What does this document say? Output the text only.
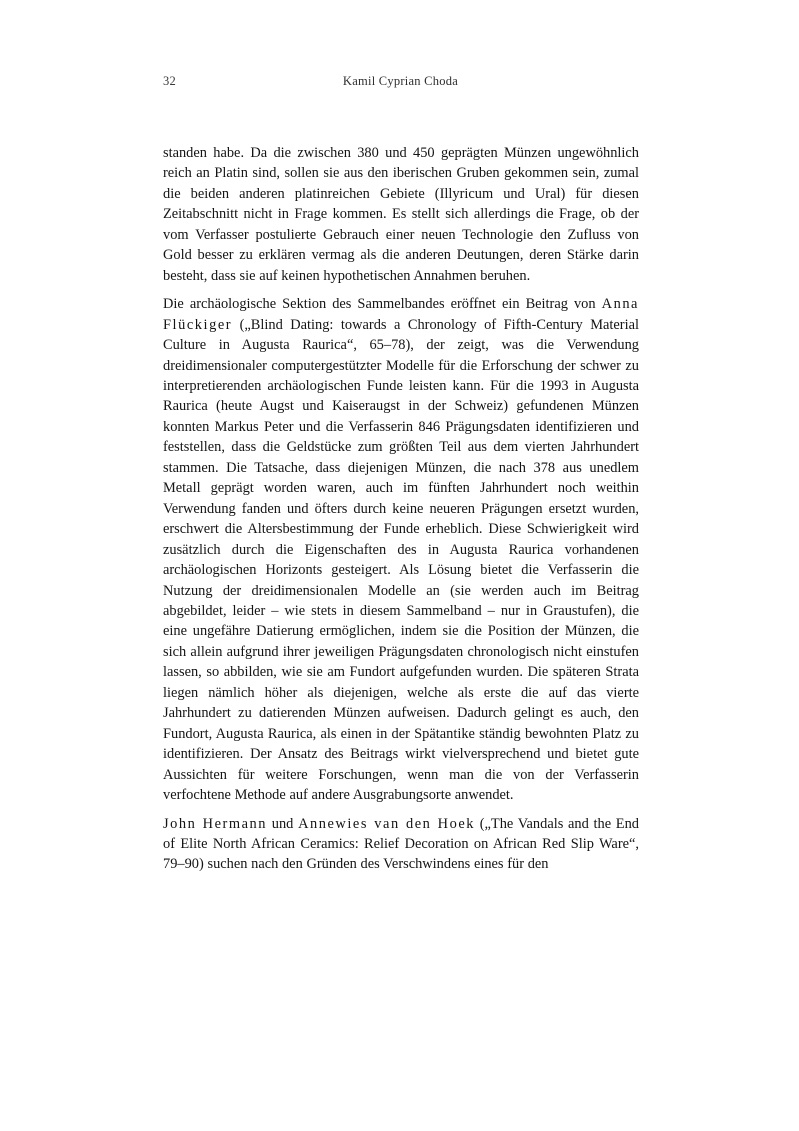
32	Kamil Cyprian Choda

standen habe. Da die zwischen 380 und 450 geprägten Münzen ungewöhnlich reich an Platin sind, sollen sie aus den iberischen Gruben gekommen sein, zumal die beiden anderen platinreichen Gebiete (Illyricum und Ural) für diesen Zeitabschnitt nicht in Frage kommen. Es stellt sich allerdings die Frage, ob der vom Verfasser postulierte Gebrauch einer neuen Technologie den Zufluss von Gold besser zu erklären vermag als die anderen Deutungen, deren Stärke darin besteht, dass sie auf keinen hypothetischen Annahmen beruhen.

Die archäologische Sektion des Sammelbandes eröffnet ein Beitrag von Anna Flückiger („Blind Dating: towards a Chronology of Fifth-Century Material Culture in Augusta Raurica“, 65–78), der zeigt, was die Verwendung dreidimensionaler computergestützter Modelle für die Erforschung der schwer zu interpretierenden archäologischen Funde leisten kann. Für die 1993 in Augusta Raurica (heute Augst und Kaiseraugst in der Schweiz) gefundenen Münzen konnten Markus Peter und die Verfasserin 846 Prägungsdaten identifizieren und feststellen, dass die Geldstücke zum größten Teil aus dem vierten Jahrhundert stammen. Die Tatsache, dass diejenigen Münzen, die nach 378 aus unedlem Metall geprägt worden waren, auch im fünften Jahrhundert noch weithin Verwendung fanden und öfters durch keine neueren Prägungen ersetzt wurden, erschwert die Altersbestimmung der Funde erheblich. Diese Schwierigkeit wird zusätzlich durch die Eigenschaften des in Augusta Raurica vorhandenen archäologischen Horizonts gesteigert. Als Lösung bietet die Verfasserin die Nutzung der dreidimensionalen Modelle an (sie werden auch im Beitrag abgebildet, leider – wie stets in diesem Sammelband – nur in Graustufen), die eine ungefähre Datierung ermöglichen, indem sie die Position der Münzen, die sich allein aufgrund ihrer jeweiligen Prägungsdaten chronologisch nicht einstufen lassen, so abbilden, wie sie am Fundort aufgefunden wurden. Die späteren Strata liegen nämlich höher als diejenigen, welche als erste die auf das vierte Jahrhundert zu datierenden Münzen aufweisen. Dadurch gelingt es auch, den Fundort, Augusta Raurica, als einen in der Spätantike ständig bewohnten Platz zu identifizieren. Der Ansatz des Beitrags wirkt vielversprechend und bietet gute Aussichten für weitere Forschungen, wenn man die von der Verfasserin verfochtene Methode auf andere Ausgrabungsorte anwendet.

John Hermann und Annewies van den Hoek („The Vandals and the End of Elite North African Ceramics: Relief Decoration on African Red Slip Ware“, 79–90) suchen nach den Gründen des Verschwindens eines für den
